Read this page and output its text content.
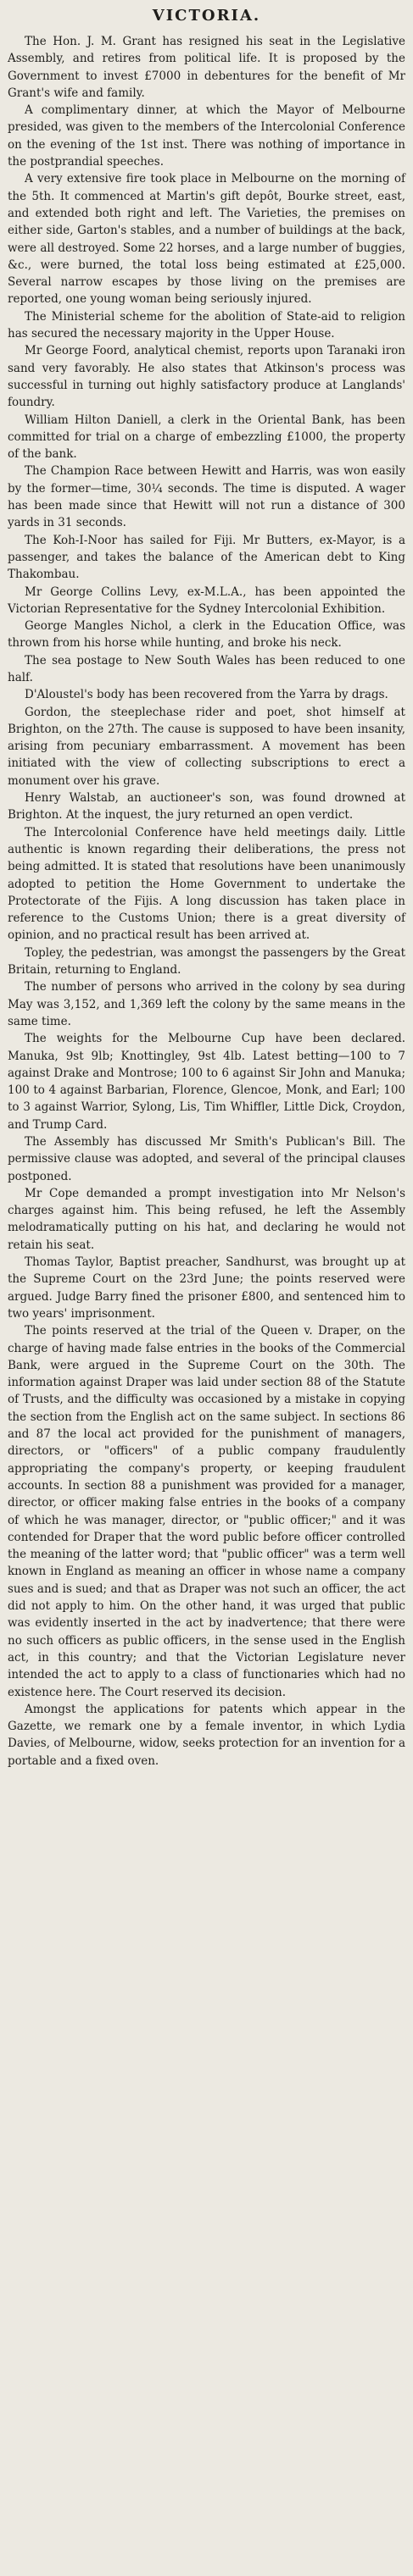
VICTORIA.

The Hon. J. M. Grant has resigned his seat in the Legislative Assembly, and retires from political life. It is proposed by the Government to invest £7000 in debentures for the benefit of Mr Grant's wife and family.

A complimentary dinner, at which the Mayor of Melbourne presided, was given to the members of the Intercolonial Conference on the evening of the 1st inst. There was nothing of importance in the postprandial speeches.

A very extensive fire took place in Melbourne on the morning of the 5th. It commenced at Martin's gift depôt, Bourke street, east, and extended both right and left. The Varieties, the premises on either side, Garton's stables, and a number of buildings at the back, were all destroyed. Some 22 horses, and a large number of buggies, &c., were burned, the total loss being estimated at £25,000. Several narrow escapes by those living on the premises are reported, one young woman being seriously injured.

The Ministerial scheme for the abolition of State-aid to religion has secured the necessary majority in the Upper House.

Mr George Foord, analytical chemist, reports upon Taranaki iron sand very favorably. He also states that Atkinson's process was successful in turning out highly satisfactory produce at Langlands' foundry.

William Hilton Daniell, a clerk in the Oriental Bank, has been committed for trial on a charge of embezzling £1000, the property of the bank.

The Champion Race between Hewitt and Harris, was won easily by the former—time, 30¼ seconds. The time is disputed. A wager has been made since that Hewitt will not run a distance of 300 yards in 31 seconds.

The Koh-I-Noor has sailed for Fiji. Mr Butters, ex-Mayor, is a passenger, and takes the balance of the American debt to King Thakombau.

Mr George Collins Levy, ex-M.L.A., has been appointed the Victorian Representative for the Sydney Intercolonial Exhibition.

George Mangles Nichol, a clerk in the Education Office, was thrown from his horse while hunting, and broke his neck.

The sea postage to New South Wales has been reduced to one half.

D'Aloustel's body has been recovered from the Yarra by drags.

Gordon, the steeplechase rider and poet, shot himself at Brighton, on the 27th. The cause is supposed to have been insanity, arising from pecuniary embarrassment. A movement has been initiated with the view of collecting subscriptions to erect a monument over his grave.

Henry Walstab, an auctioneer's son, was found drowned at Brighton. At the inquest, the jury returned an open verdict.

The Intercolonial Conference have held meetings daily. Little authentic is known regarding their deliberations, the press not being admitted. It is stated that resolutions have been unanimously adopted to petition the Home Government to undertake the Protectorate of the Fijis. A long discussion has taken place in reference to the Customs Union; there is a great diversity of opinion, and no practical result has been arrived at.

Topley, the pedestrian, was amongst the passengers by the Great Britain, returning to England.

The number of persons who arrived in the colony by sea during May was 3,152, and 1,369 left the colony by the same means in the same time.

The weights for the Melbourne Cup have been declared. Manuka, 9st 9lb; Knottingley, 9st 4lb. Latest betting—100 to 7 against Drake and Montrose; 100 to 6 against Sir John and Manuka; 100 to 4 against Barbarian, Florence, Glencoe, Monk, and Earl; 100 to 3 against Warrior, Sylong, Lis, Tim Whiffler, Little Dick, Croydon, and Trump Card.

The Assembly has discussed Mr Smith's Publican's Bill. The permissive clause was adopted, and several of the principal clauses postponed.

Mr Cope demanded a prompt investigation into Mr Nelson's charges against him. This being refused, he left the Assembly melodramatically putting on his hat, and declaring he would not retain his seat.

Thomas Taylor, Baptist preacher, Sandhurst, was brought up at the Supreme Court on the 23rd June; the points reserved were argued. Judge Barry fined the prisoner £800, and sentenced him to two years' imprisonment.

The points reserved at the trial of the Queen v. Draper, on the charge of having made false entries in the books of the Commercial Bank, were argued in the Supreme Court on the 30th. The information against Draper was laid under section 88 of the Statute of Trusts, and the difficulty was occasioned by a mistake in copying the section from the English act on the same subject. In sections 86 and 87 the local act provided for the punishment of managers, directors, or "officers" of a public company fraudulently appropriating the company's property, or keeping fraudulent accounts. In section 88 a punishment was provided for a manager, director, or officer making false entries in the books of a company of which he was manager, director, or "public officer;" and it was contended for Draper that the word public before officer controlled the meaning of the latter word; that "public officer" was a term well known in England as meaning an officer in whose name a company sues and is sued; and that as Draper was not such an officer, the act did not apply to him. On the other hand, it was urged that public was evidently inserted in the act by inadvertence; that there were no such officers as public officers, in the sense used in the English act, in this country; and that the Victorian Legislature never intended the act to apply to a class of functionaries which had no existence here. The Court reserved its decision.

Amongst the applications for patents which appear in the Gazette, we remark one by a female inventor, in which Lydia Davies, of Melbourne, widow, seeks protection for an invention for a portable and a fixed oven.
